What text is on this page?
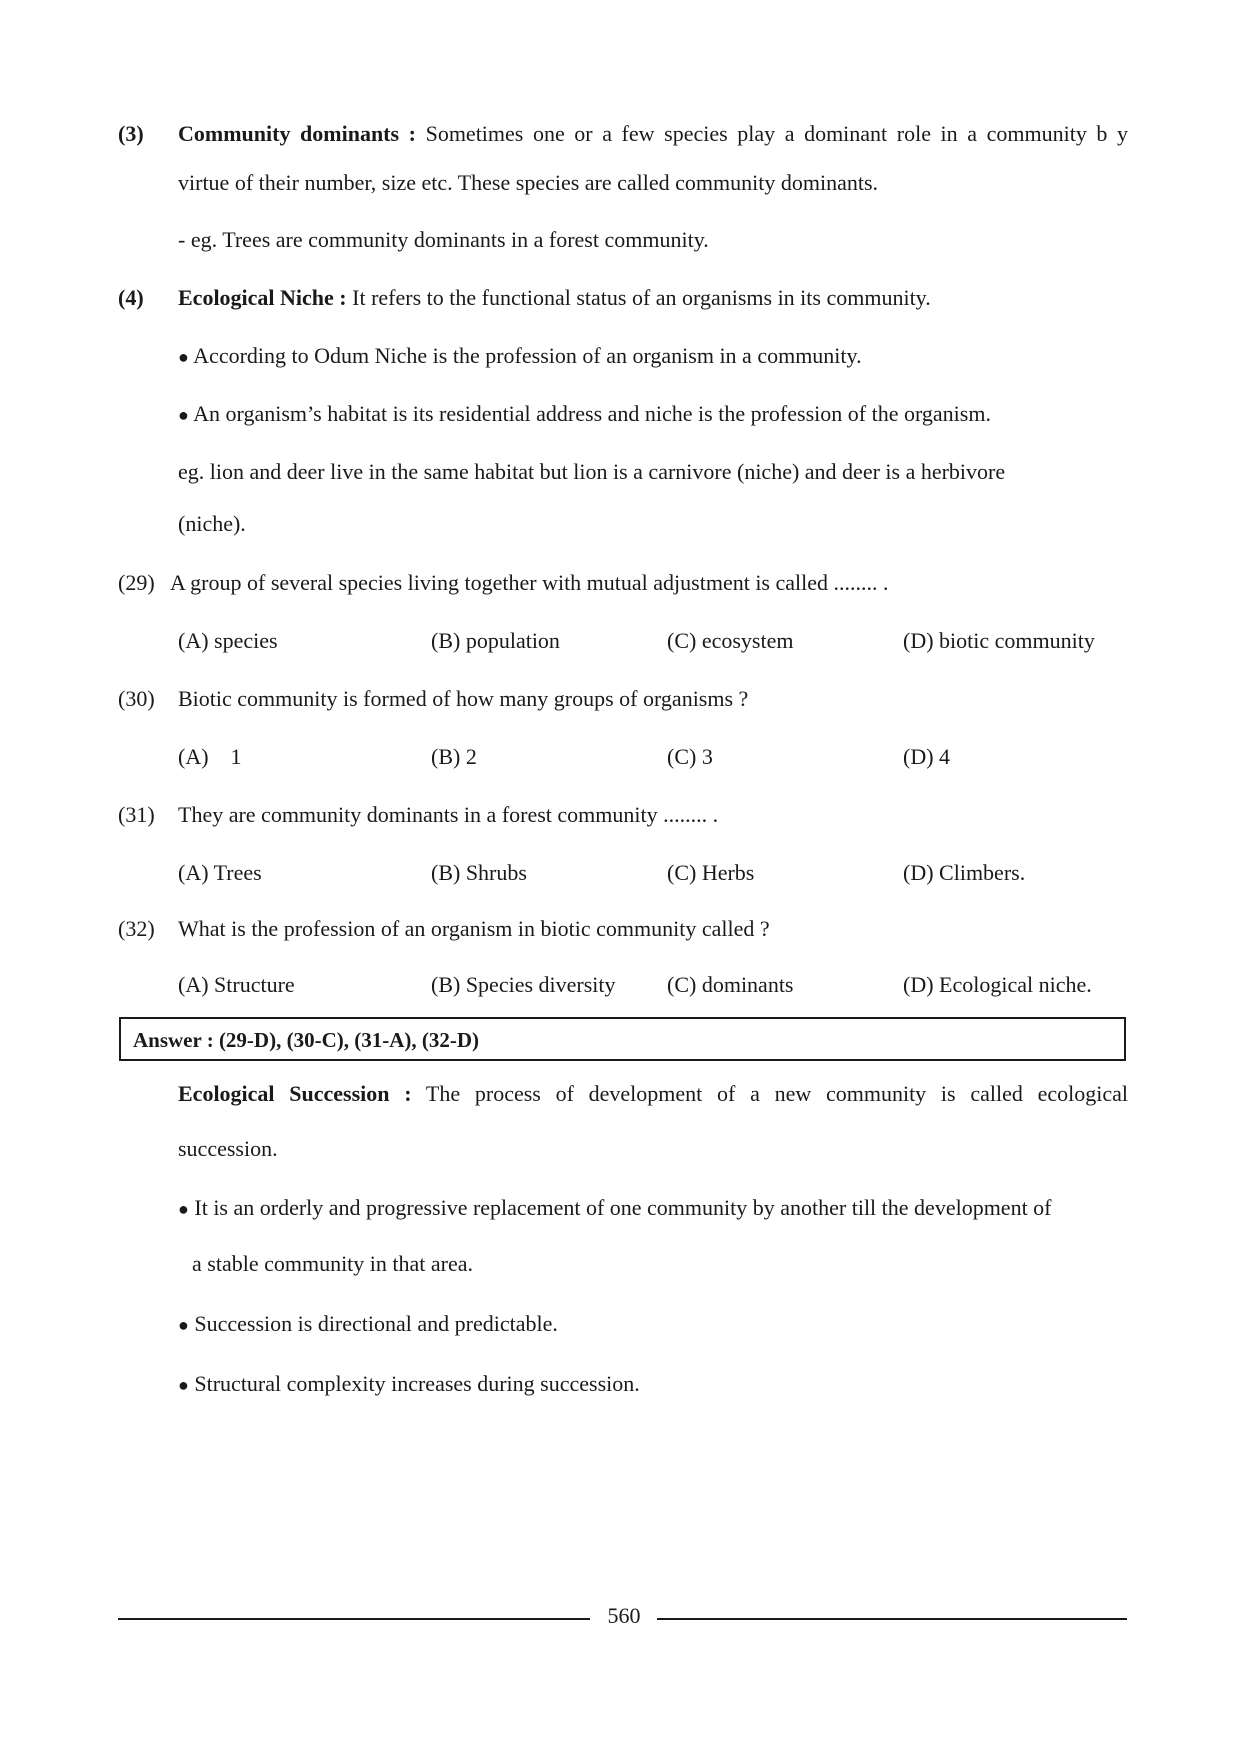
(3) Community dominants : Sometimes one or a few species play a dominant role in a community b y
virtue of their number, size etc. These species are called community dominants.
- eg. Trees are community dominants in a forest community.
(4) Ecological Niche : It refers to the functional status of an organisms in its community.
● According to Odum Niche is the profession of an organism in a community.
● An organism’s habitat is its residential address and niche is the profession of the organism.
eg. lion and deer live in the same habitat but lion is a carnivore (niche) and deer is a herbivore
(niche).
(29) A group of several species living together with mutual adjustment is called ........ .
(A) species	(B) population	(C) ecosystem	(D) biotic community
(30) Biotic community is formed of how many groups of organisms ?
(A)    1	(B) 2	(C) 3	(D) 4
(31) They are community dominants in a forest community ........ .
(A) Trees	(B) Shrubs	(C) Herbs	(D) Climbers.
(32) What is the profession of an organism in biotic community called ?
(A) Structure	(B) Species diversity (C) dominants	(D) Ecological niche.
Answer : (29-D), (30-C), (31-A), (32-D)
Ecological Succession : The process of development of a new community is called ecological
succession.
● It is an orderly and progressive replacement of one community by another till the development of
a stable community in that area.
● Succession is directional and predictable.
● Structural complexity increases during succession.
560
